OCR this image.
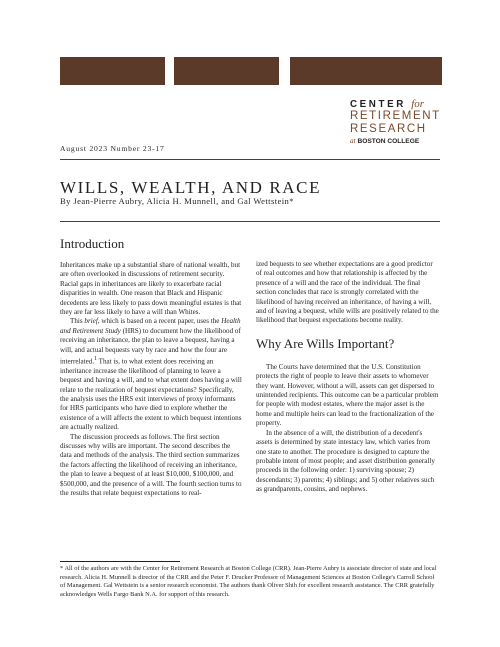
CENTER for
RETIREMENT
RESEARCH
at BOSTON COLLEGE
August 2023 Number 23-17
WILLS, WEALTH, AND RACE
By Jean-Pierre Aubry, Alicia H. Munnell, and Gal Wettstein*
Introduction

Inheritances make up a substantial share of national wealth, but are often overlooked in discussions of retirement security. Racial gaps in inheritances are likely to exacerbate racial disparities in wealth. One reason that Black and Hispanic decedents are less likely to pass down meaningful estates is that they are far less likely to have a will than Whites.

This brief, which is based on a recent paper, uses the Health and Retirement Study (HRS) to document how the likelihood of receiving an inheritance, the plan to leave a bequest, having a will, and actual bequests vary by race and how the four are interrelated.$^1$ That is, to what extent does receiving an inheritance increase the likelihood of planning to leave a bequest and having a will, and to what extent does having a will relate to the realization of bequest expectations? Specifically, the analysis uses the HRS exit interviews of proxy informants for HRS participants who have died to explore whether the existence of a will affects the extent to which bequest intentions are actually realized.

The discussion proceeds as follows. The first section discusses why wills are important. The second describes the data and methods of the analysis. The third section summarizes the factors affecting the likelihood of receiving an inheritance, the plan to leave a bequest of at least $10,000, $100,000, and $500,000, and the presence of a will. The fourth section turns to the results that relate bequest expectations to real-

ized bequests to see whether expectations are a good predictor of real outcomes and how that relationship is affected by the presence of a will and the race of the individual. The final section concludes that race is strongly correlated with the likelihood of having received an inheritance, of having a will, and of leaving a bequest, while wills are positively related to the likelihood that bequest expectations become reality.

Why Are Wills Important?

The Courts have determined that the U.S. Constitution protects the right of people to leave their assets to whomever they want. However, without a will, assets can get dispersed to unintended recipients. This outcome can be a particular problem for people with modest estates, where the major asset is the home and multiple heirs can lead to the fractionalization of the property.

In the absence of a will, the distribution of a decedent's assets is determined by state intestacy law, which varies from one state to another. The procedure is designed to capture the probable intent of most people; and asset distribution generally proceeds in the following order: 1) surviving spouse; 2) descendants; 3) parents; 4) siblings; and 5) other relatives such as grandparents, cousins, and nephews.

* All of the authors are with the Center for Retirement Research at Boston College (CRR). Jean-Pierre Aubry is associate director of state and local research. Alicia H. Munnell is director of the CRR and the Peter F. Drucker Professor of Management Sciences at Boston College's Carroll School of Management. Gal Wettstein is a senior research economist. The authors thank Oliver Shih for excellent research assistance. The CRR gratefully acknowledges Wells Fargo Bank N.A. for support of this research.
